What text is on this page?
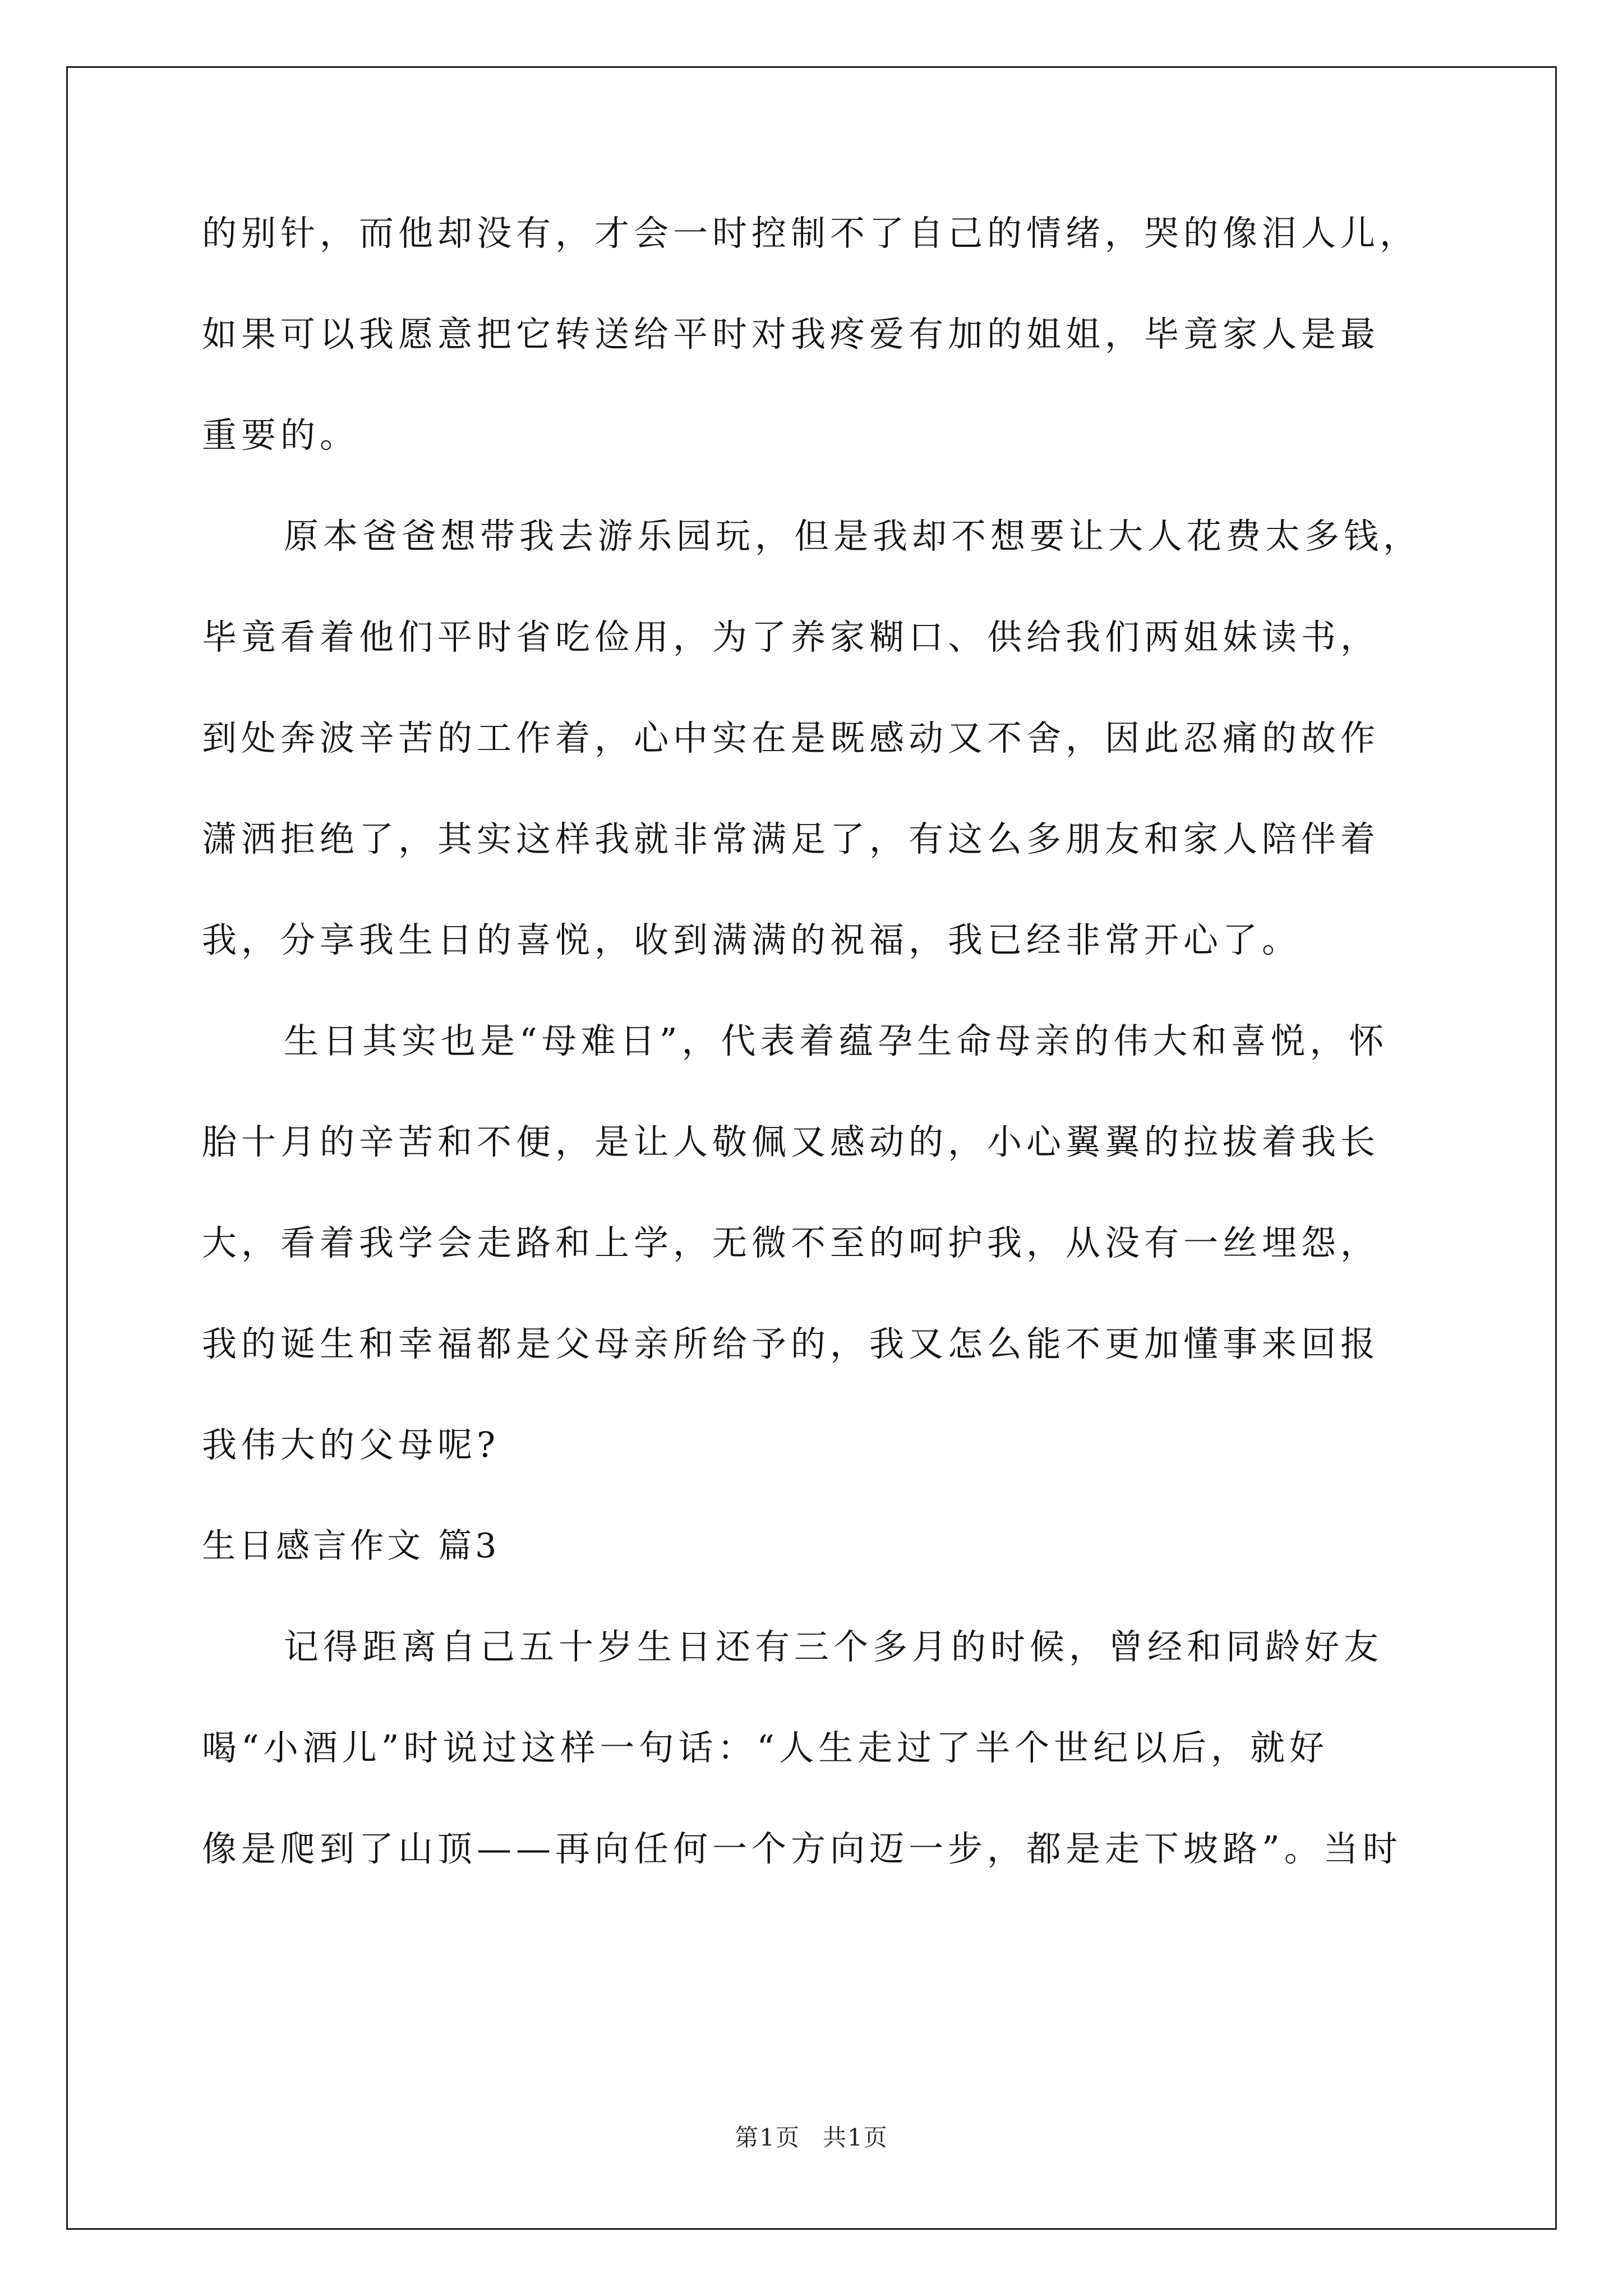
的别针，而他却没有，才会一时控制不了自己的情绪，哭的像泪人儿，

如果可以我愿意把它转送给平时对我疼爱有加的姐姐，毕竟家人是最

重要的。

原本爸爸想带我去游乐园玩，但是我却不想要让大人花费太多钱，

毕竟看着他们平时省吃俭用，为了养家糊口、供给我们两姐妹读书，

到处奔波辛苦的工作着，心中实在是既感动又不舍，因此忍痛的故作

潇洒拒绝了，其实这样我就非常满足了，有这么多朋友和家人陪伴着

我，分享我生日的喜悦，收到满满的祝福，我已经非常开心了。

生日其实也是“母难日”，代表着蕴孕生命母亲的伟大和喜悦，怀

胎十月的辛苦和不便，是让人敬佩又感动的，小心翼翼的拉拔着我长

大，看着我学会走路和上学，无微不至的呵护我，从没有一丝埋怨，

我的诞生和幸福都是父母亲所给予的，我又怎么能不更加懂事来回报

我伟大的父母呢?

生日感言作文 篇3

记得距离自己五十岁生日还有三个多月的时候，曾经和同龄好友

喝“小酒儿”时说过这样一句话：“人生走过了半个世纪以后，就好

像是爬到了山顶——再向任何一个方向迈一步，都是走下坡路”。当时

第1页 共1页
